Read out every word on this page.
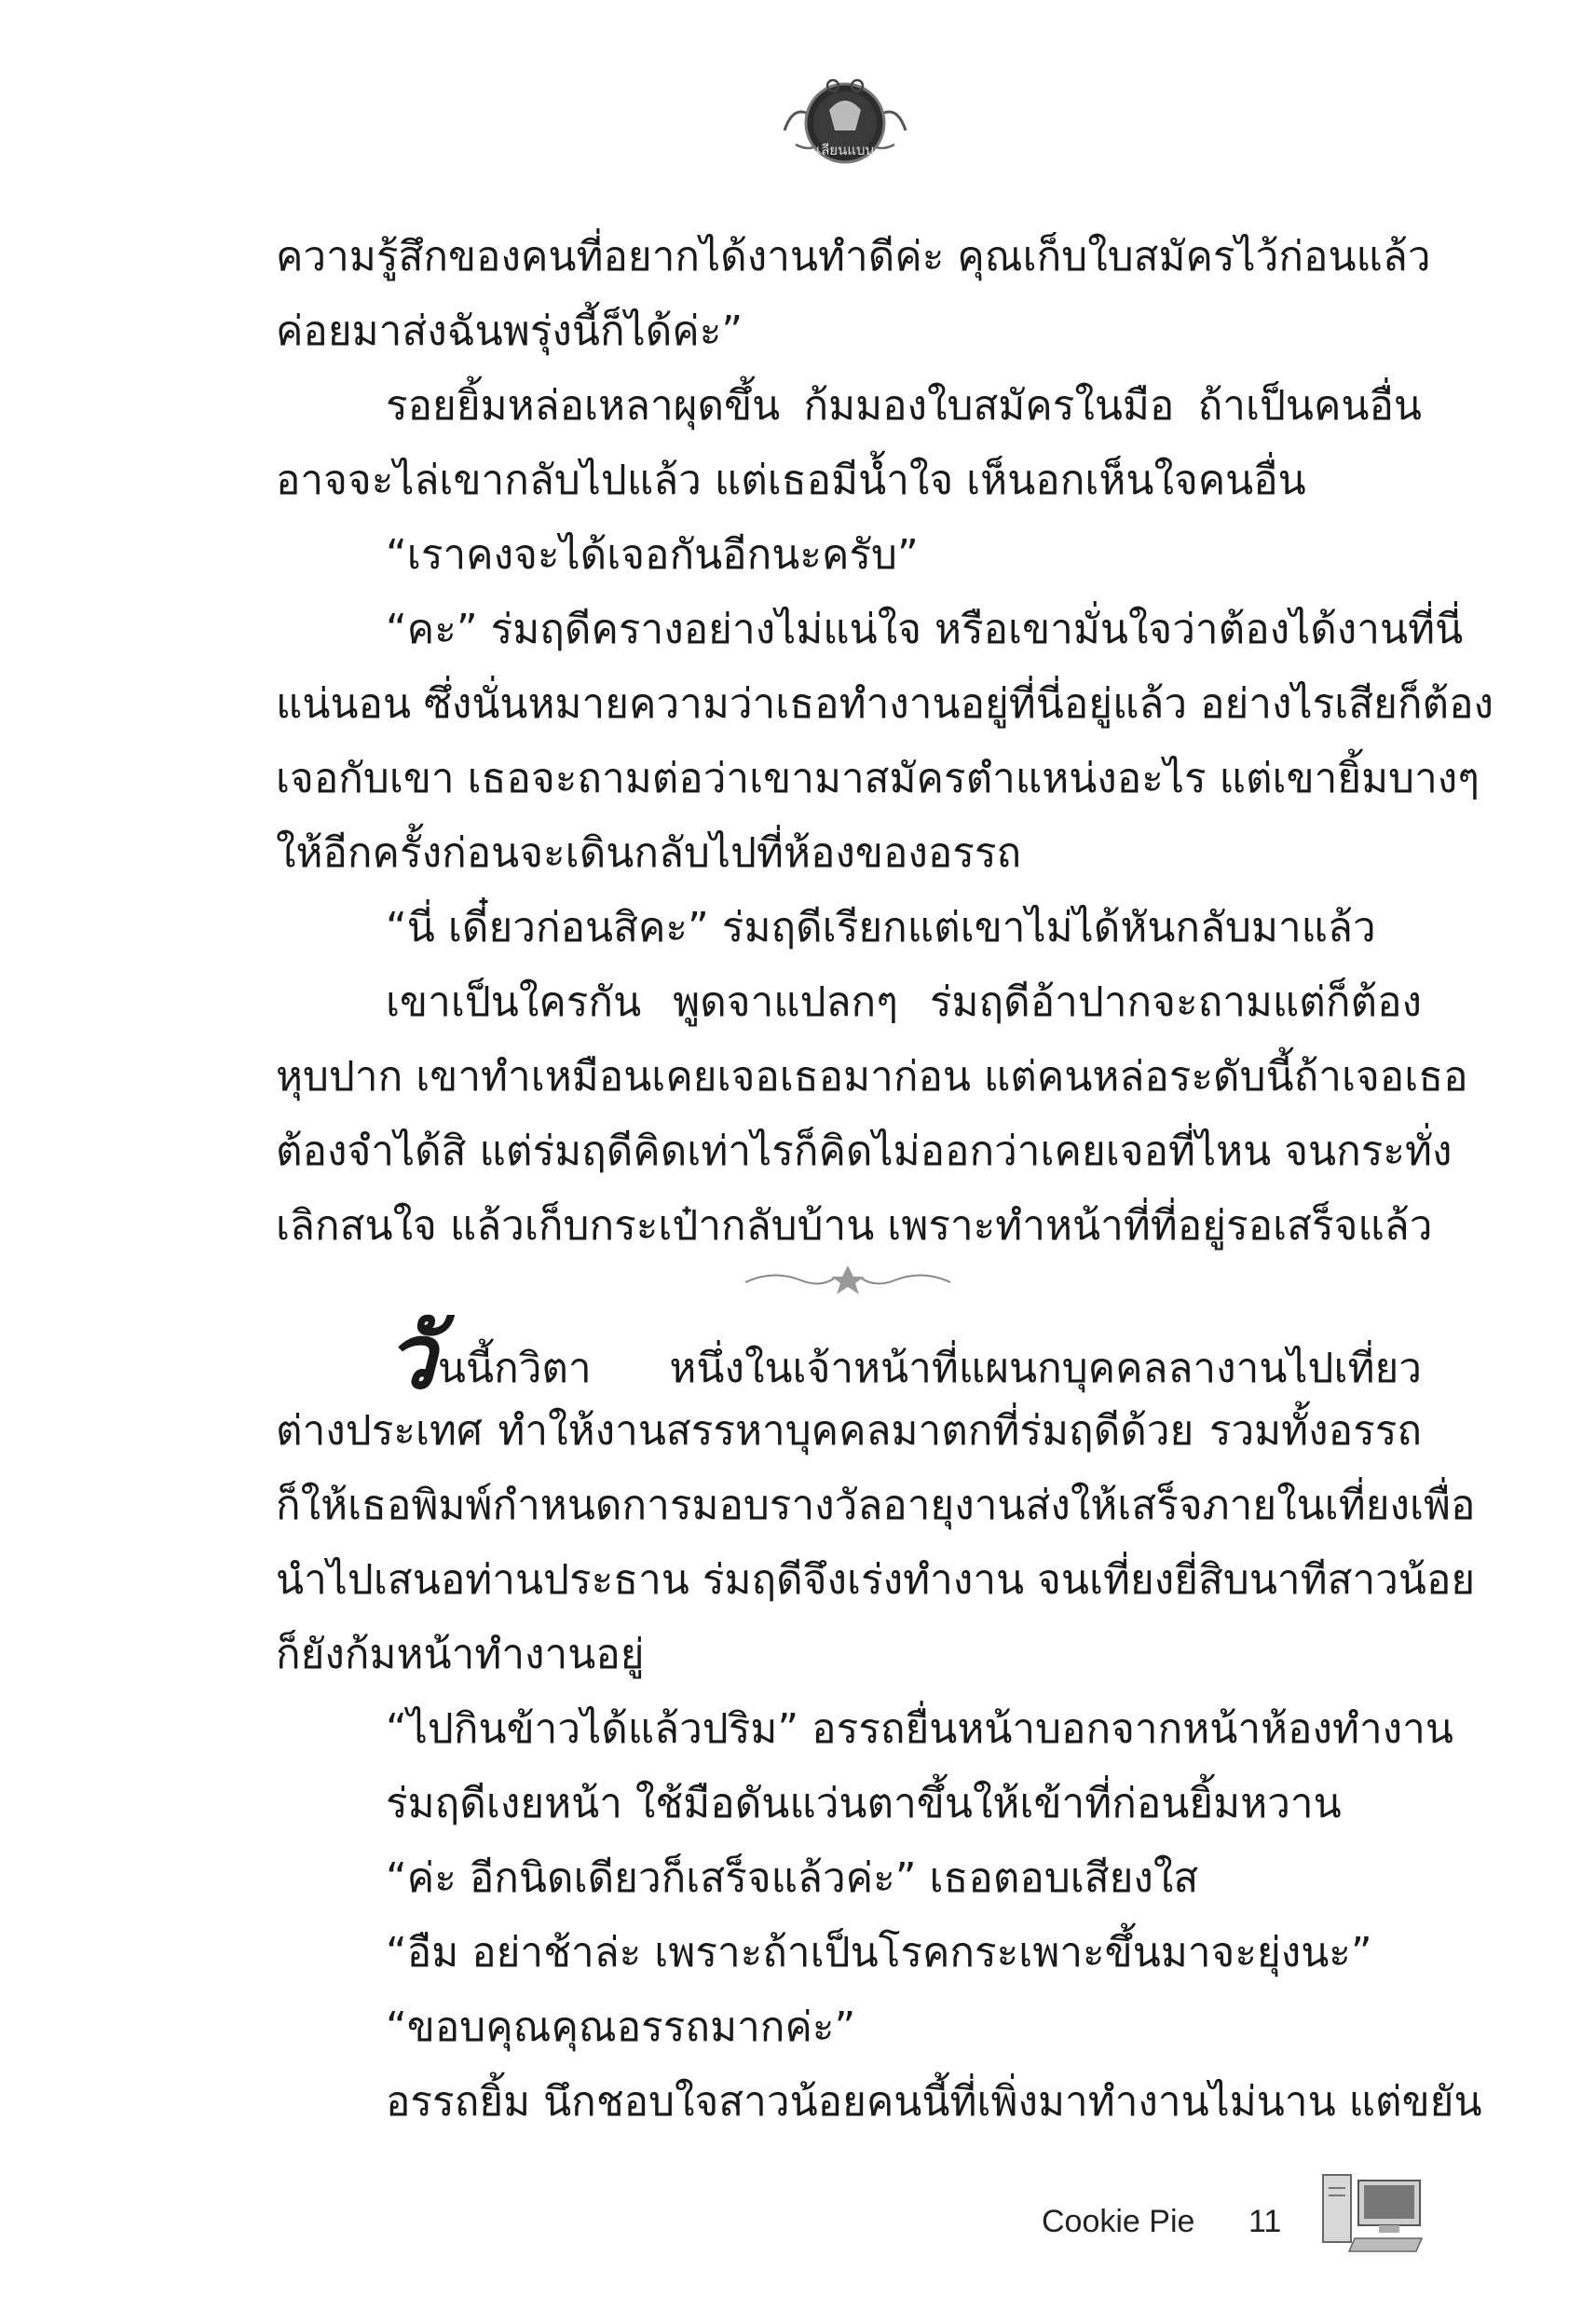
เลียนแบบ
ความรู้สึกของคนที่อยากได้งานทำดีค่ะ คุณเก็บใบสมัครไว้ก่อนแล้ว
ค่อยมาส่งฉันพรุ่งนี้ก็ได้ค่ะ”
รอยยิ้มหล่อเหลาผุดขึ้น ก้มมองใบสมัครในมือ ถ้าเป็นคนอื่น
อาจจะไล่เขากลับไปแล้ว แต่เธอมีน้ำใจ เห็นอกเห็นใจคนอื่น
“เราคงจะได้เจอกันอีกนะครับ”
“คะ” ร่มฤดีครางอย่างไม่แน่ใจ หรือเขามั่นใจว่าต้องได้งานที่นี่
แน่นอน ซึ่งนั่นหมายความว่าเธอทำงานอยู่ที่นี่อยู่แล้ว อย่างไรเสียก็ต้อง
เจอกับเขา เธอจะถามต่อว่าเขามาสมัครตำแหน่งอะไร แต่เขายิ้มบางๆ
ให้อีกครั้งก่อนจะเดินกลับไปที่ห้องของอรรถ
“นี่ เดี๋ยวก่อนสิคะ” ร่มฤดีเรียกแต่เขาไม่ได้หันกลับมาแล้ว
เขาเป็นใครกัน พูดจาแปลกๆ ร่มฤดีอ้าปากจะถามแต่ก็ต้อง
หุบปาก เขาทำเหมือนเคยเจอเธอมาก่อน แต่คนหล่อระดับนี้ถ้าเจอเธอ
ต้องจำได้สิ แต่ร่มฤดีคิดเท่าไรก็คิดไม่ออกว่าเคยเจอที่ไหน จนกระทั่ง
เลิกสนใจ แล้วเก็บกระเป๋ากลับบ้าน เพราะทำหน้าที่ที่อยู่รอเสร็จแล้ว
วันนี้กวิตา หนึ่งในเจ้าหน้าที่แผนกบุคคลลางานไปเที่ยว
ต่างประเทศ ทำให้งานสรรหาบุคคลมาตกที่ร่มฤดีด้วย รวมทั้งอรรถ
ก็ให้เธอพิมพ์กำหนดการมอบรางวัลอายุงานส่งให้เสร็จภายในเที่ยงเพื่อ
นำไปเสนอท่านประธาน ร่มฤดีจึงเร่งทำงาน จนเที่ยงยี่สิบนาทีสาวน้อย
ก็ยังก้มหน้าทำงานอยู่
“ไปกินข้าวได้แล้วปริม” อรรถยื่นหน้าบอกจากหน้าห้องทำงาน
ร่มฤดีเงยหน้า ใช้มือดันแว่นตาขึ้นให้เข้าที่ก่อนยิ้มหวาน
“ค่ะ อีกนิดเดียวก็เสร็จแล้วค่ะ” เธอตอบเสียงใส
“อืม อย่าช้าล่ะ เพราะถ้าเป็นโรคกระเพาะขึ้นมาจะยุ่งนะ”
“ขอบคุณคุณอรรถมากค่ะ”
อรรถยิ้ม นึกชอบใจสาวน้อยคนนี้ที่เพิ่งมาทำงานไม่นาน แต่ขยัน
Cookie Pie 11
